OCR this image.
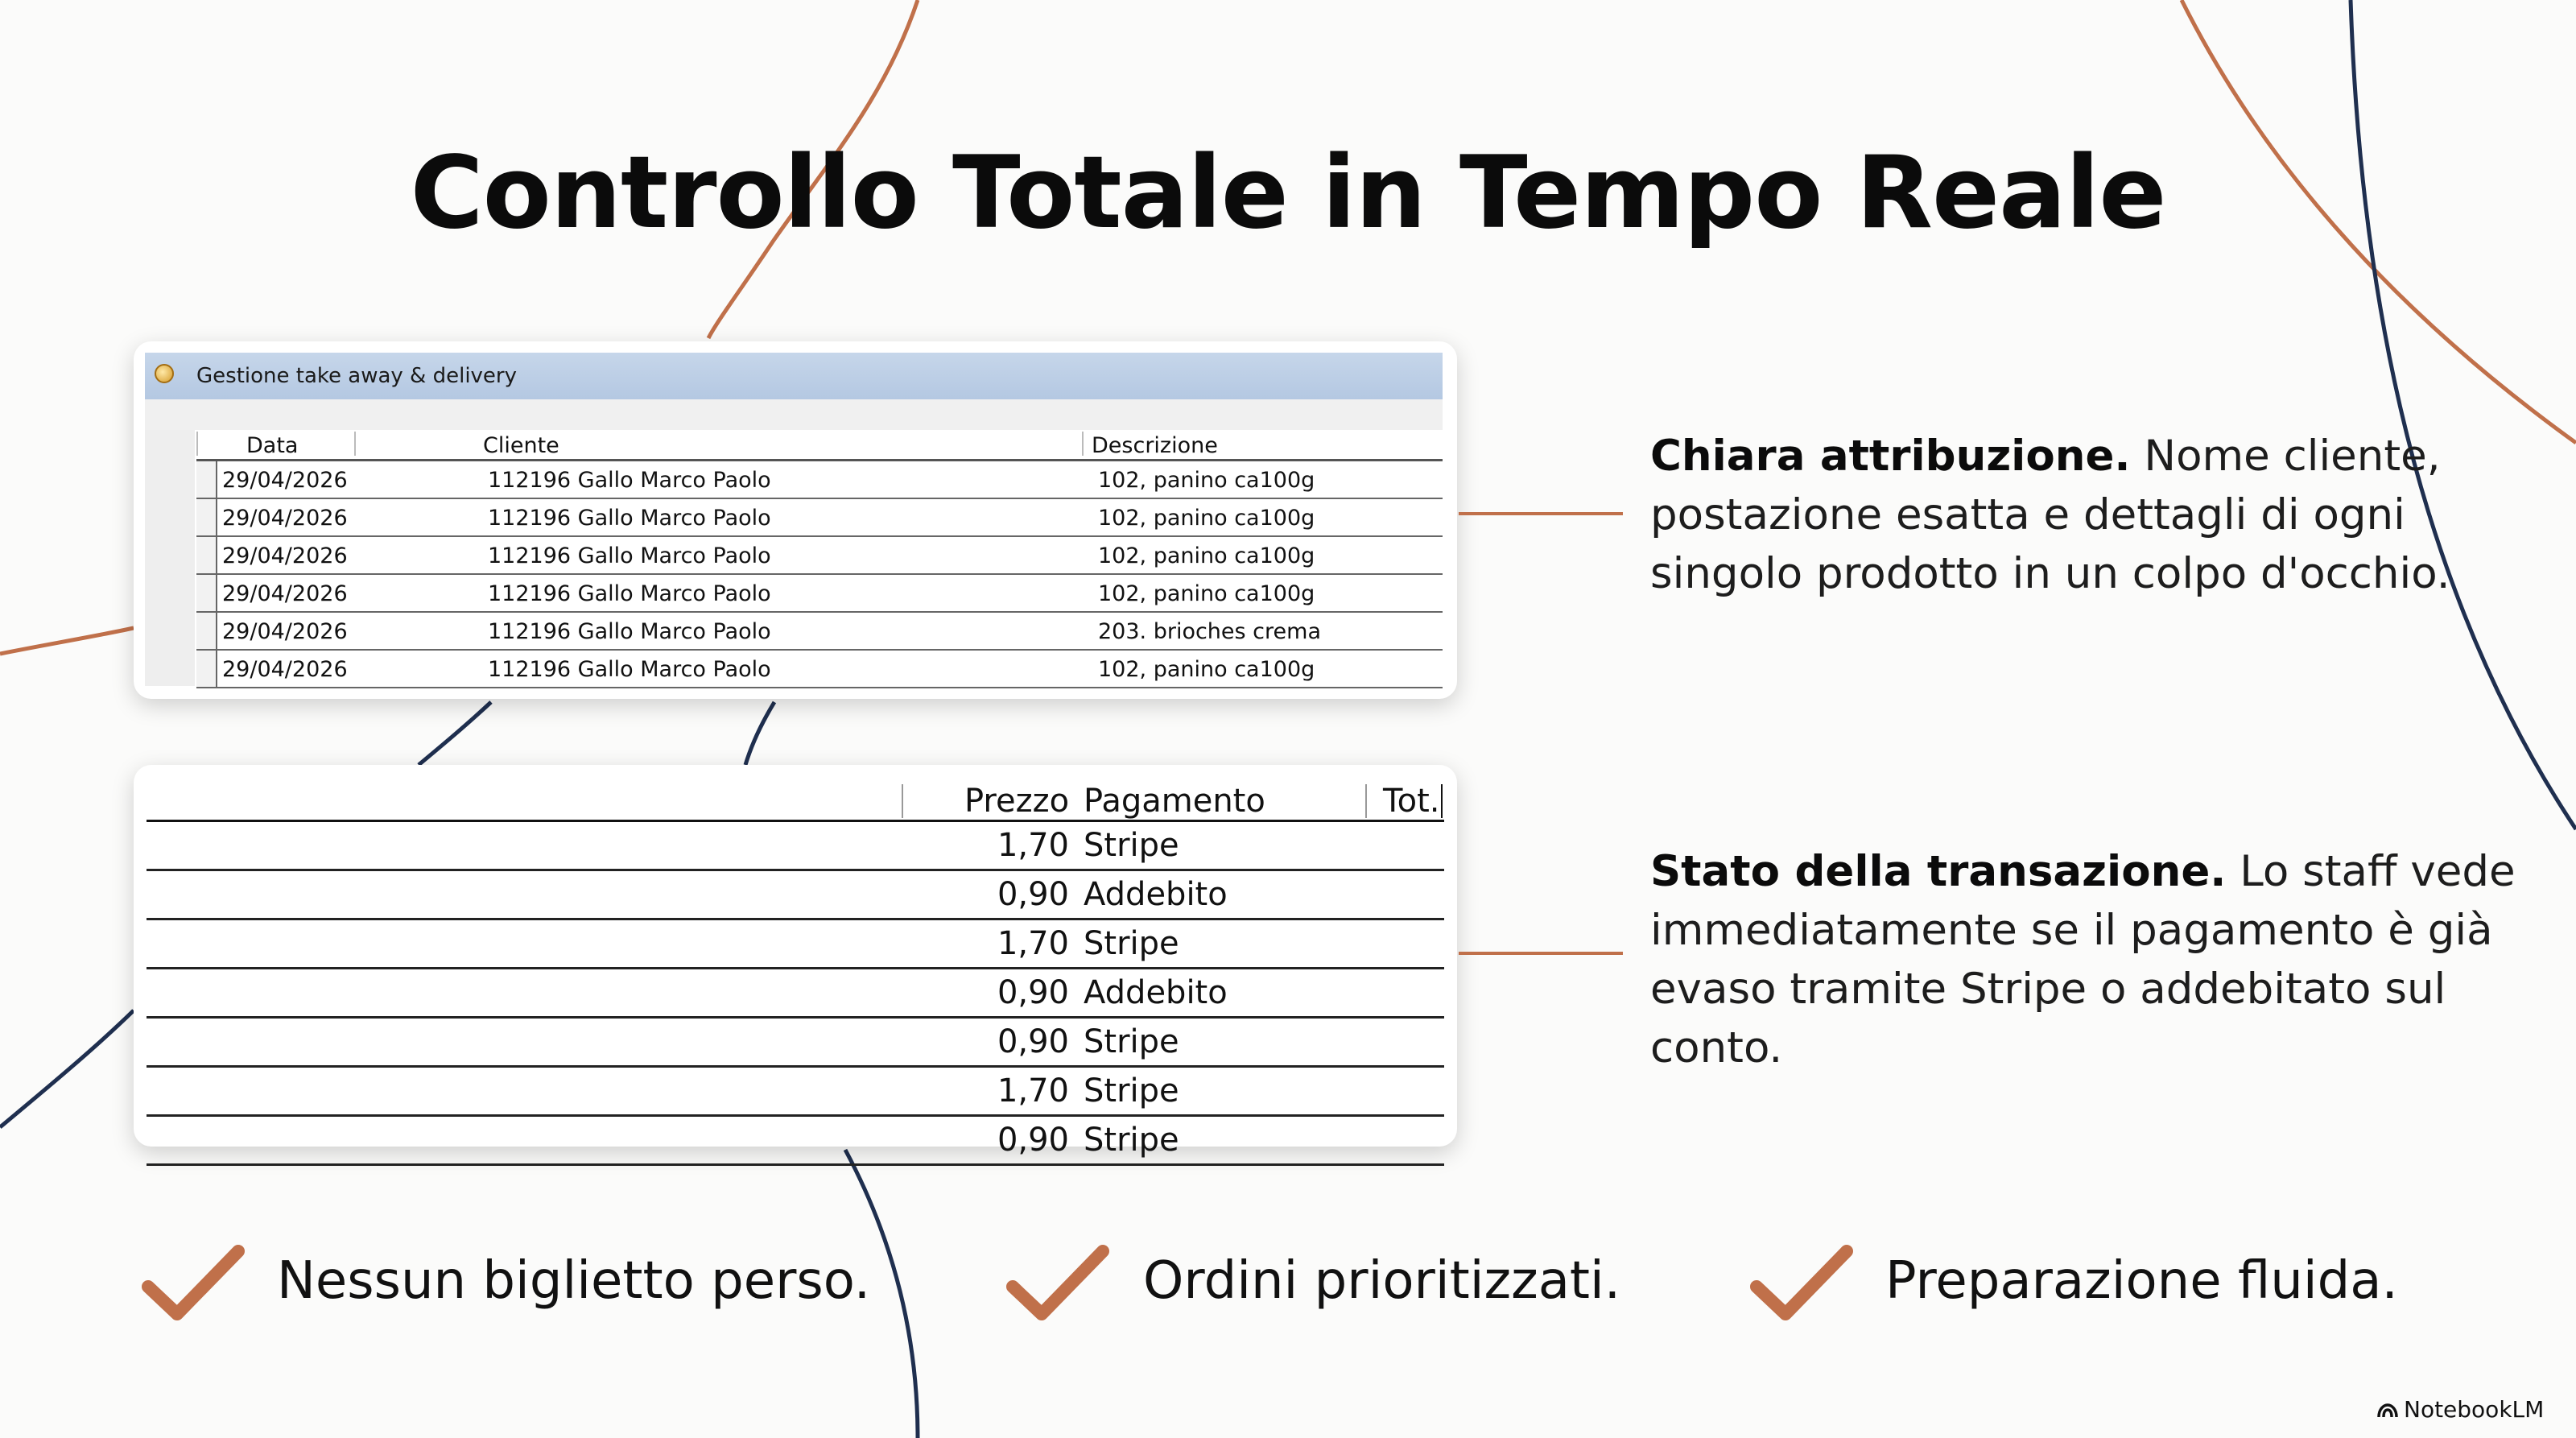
Controllo Totale in Tempo Reale
Gestione take away & delivery
Data	Cliente	Descrizione
29/04/2026	112196 Gallo Marco Paolo	102, panino ca100g
29/04/2026	112196 Gallo Marco Paolo	102, panino ca100g
29/04/2026	112196 Gallo Marco Paolo	102, panino ca100g
29/04/2026	112196 Gallo Marco Paolo	102, panino ca100g
29/04/2026	112196 Gallo Marco Paolo	203. brioches crema
29/04/2026	112196 Gallo Marco Paolo	102, panino ca100g
Prezzo Pagamento	Tot.
1,70 Stripe
0,90 Addebito
1,70 Stripe
0,90 Addebito
0,90 Stripe
1,70 Stripe
0,90 Stripe
Chiara attribuzione. Nome cliente, postazione esatta e dettagli di ogni singolo prodotto in un colpo d'occhio.
Stato della transazione. Lo staff vede immediatamente se il pagamento è già evaso tramite Stripe o addebitato sul conto.
Nessun biglietto perso.	Ordini prioritizzati.	Preparazione fluida.
NotebookLM
